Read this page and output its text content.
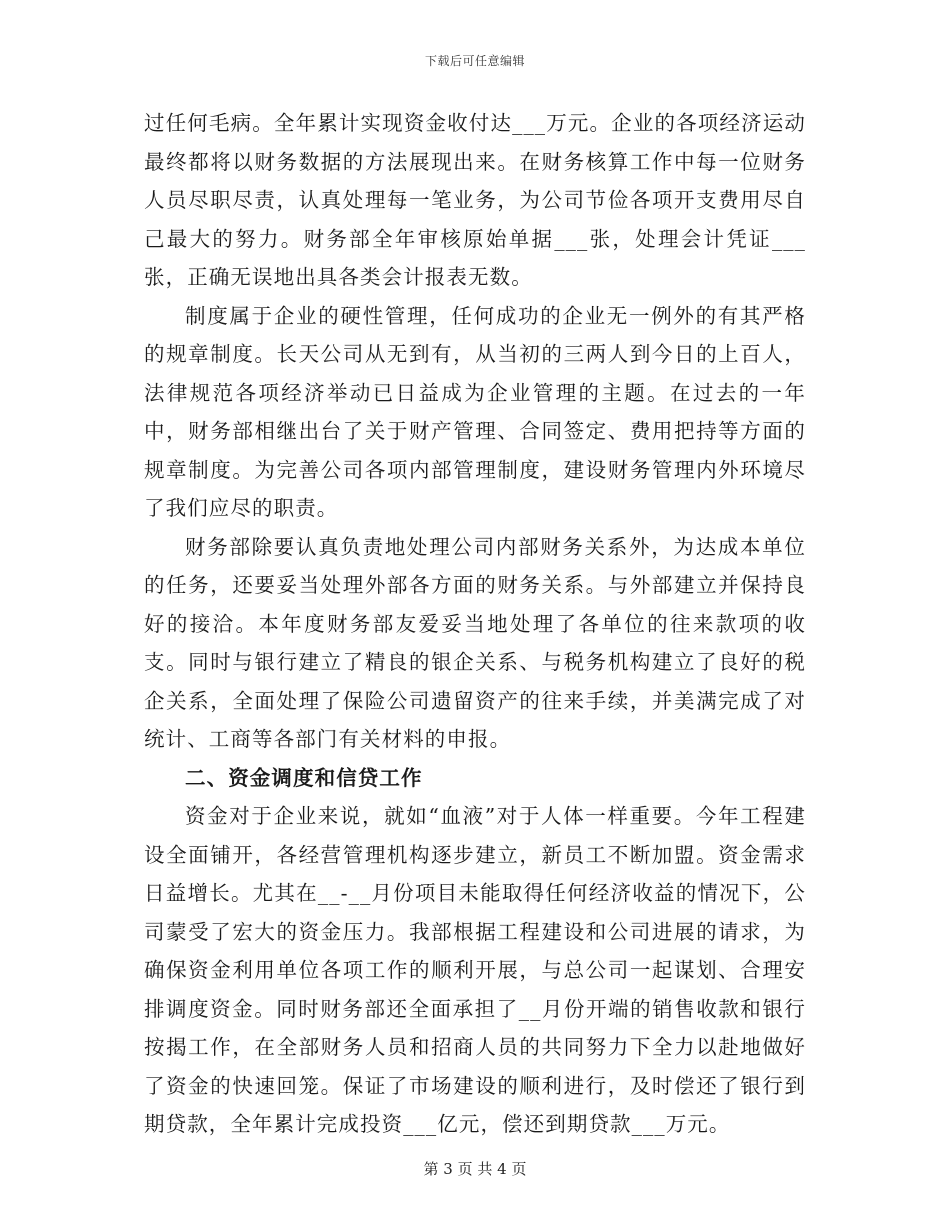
下载后可任意编辑

过任何毛病。全年累计实现资金收付达___万元。企业的各项经济运动最终都将以财务数据的方法展现出来。在财务核算工作中每一位财务人员尽职尽责，认真处理每一笔业务，为公司节俭各项开支费用尽自己最大的努力。财务部全年审核原始单据___张，处理会计凭证___张，正确无误地出具各类会计报表无数。

制度属于企业的硬性管理，任何成功的企业无一例外的有其严格的规章制度。长天公司从无到有，从当初的三两人到今日的上百人，法律规范各项经济举动已日益成为企业管理的主题。在过去的一年中，财务部相继出台了关于财产管理、合同签定、费用把持等方面的规章制度。为完善公司各项内部管理制度，建设财务管理内外环境尽了我们应尽的职责。

财务部除要认真负责地处理公司内部财务关系外，为达成本单位的任务，还要妥当处理外部各方面的财务关系。与外部建立并保持良好的接洽。本年度财务部友爱妥当地处理了各单位的往来款项的收支。同时与银行建立了精良的银企关系、与税务机构建立了良好的税企关系，全面处理了保险公司遗留资产的往来手续，并美满完成了对统计、工商等各部门有关材料的申报。

二、资金调度和信贷工作

资金对于企业来说，就如“血液”对于人体一样重要。今年工程建设全面铺开，各经营管理机构逐步建立，新员工不断加盟。资金需求日益增长。尤其在__-__月份项目未能取得任何经济收益的情况下，公司蒙受了宏大的资金压力。我部根据工程建设和公司进展的请求，为确保资金利用单位各项工作的顺利开展，与总公司一起谋划、合理安排调度资金。同时财务部还全面承担了__月份开端的销售收款和银行按揭工作，在全部财务人员和招商人员的共同努力下全力以赴地做好了资金的快速回笼。保证了市场建设的顺利进行，及时偿还了银行到期贷款，全年累计完成投资___亿元，偿还到期贷款___万元。

第 3 页 共 4 页
